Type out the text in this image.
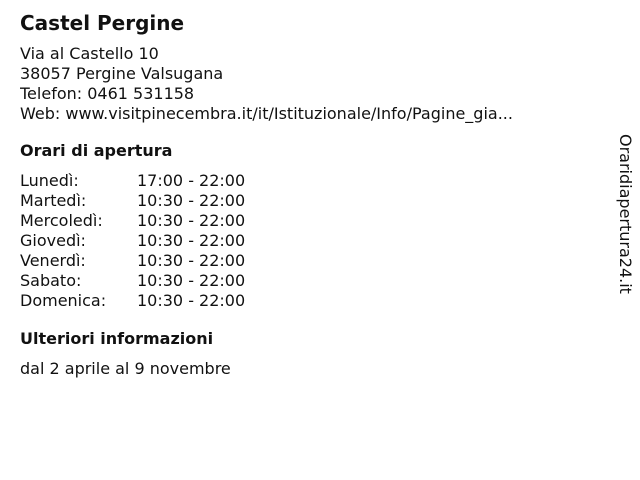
Castel Pergine
Via al Castello 10
38057 Pergine Valsugana
Telefon: 0461 531158
Web: www.visitpinecembra.it/it/Istituzionale/Info/Pagine_gia...
Orari di apertura
Lunedì:	17:00 - 22:00
Martedì:	10:30 - 22:00
Mercoledì:	10:30 - 22:00
Giovedì:	10:30 - 22:00
Venerdì:	10:30 - 22:00
Sabato:	10:30 - 22:00
Domenica:	10:30 - 22:00
Ulteriori informazioni
dal 2 aprile al 9 novembre
Oraridiapertura24.it
